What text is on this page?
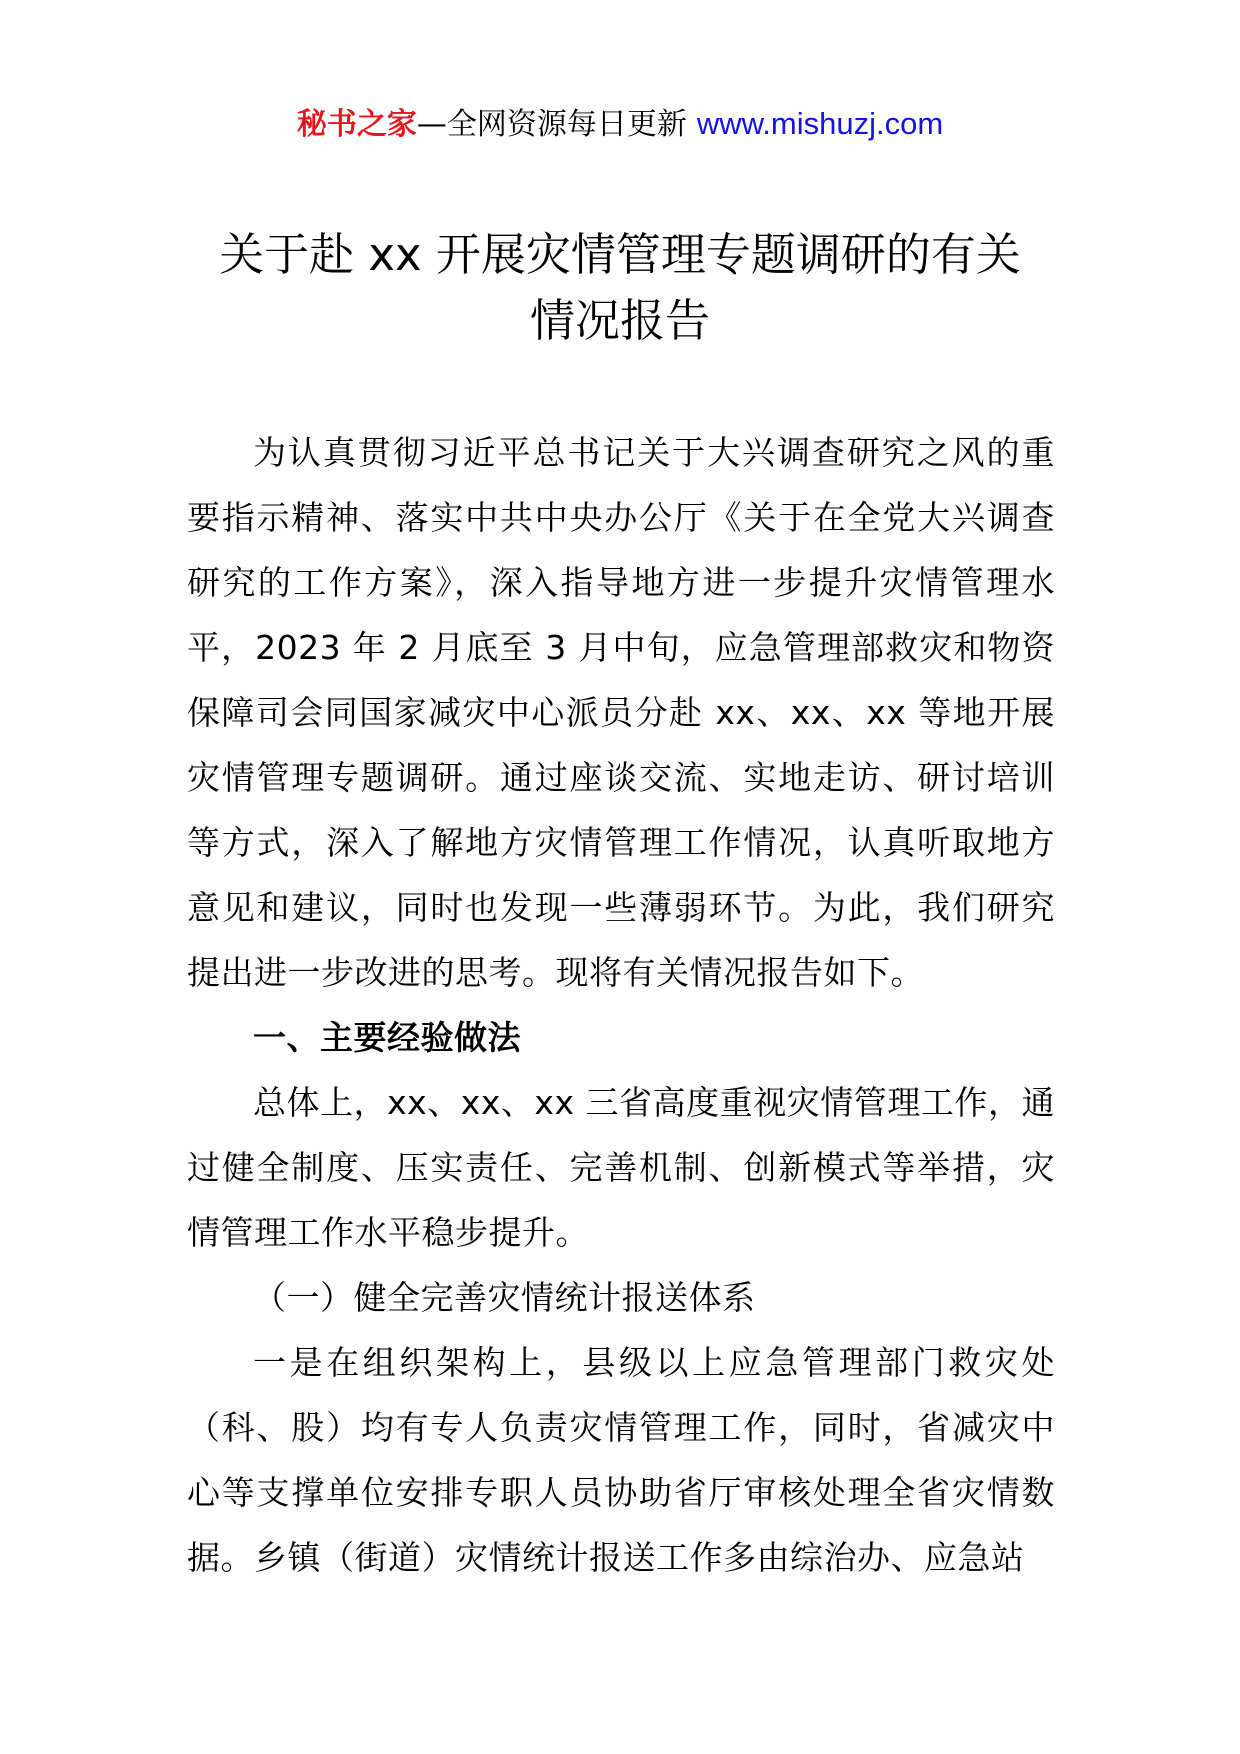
秘书之家—全网资源每日更新 www.mishuzj.com
关于赴 xx 开展灾情管理专题调研的有关
情况报告

为认真贯彻习近平总书记关于大兴调查研究之风的重要指示精神、落实中共中央办公厅《关于在全党大兴调查研究的工作方案》，深入指导地方进一步提升灾情管理水平，2023 年 2 月底至 3 月中旬，应急管理部救灾和物资保障司会同国家减灾中心派员分赴 xx、xx、xx 等地开展灾情管理专题调研。通过座谈交流、实地走访、研讨培训等方式，深入了解地方灾情管理工作情况，认真听取地方意见和建议，同时也发现一些薄弱环节。为此，我们研究提出进一步改进的思考。现将有关情况报告如下。

一、主要经验做法

总体上，xx、xx、xx 三省高度重视灾情管理工作，通过健全制度、压实责任、完善机制、创新模式等举措，灾情管理工作水平稳步提升。

（一）健全完善灾情统计报送体系

一是在组织架构上，县级以上应急管理部门救灾处（科、股）均有专人负责灾情管理工作，同时，省减灾中心等支撑单位安排专职人员协助省厅审核处理全省灾情数据。乡镇（街道）灾情统计报送工作多由综治办、应急站
